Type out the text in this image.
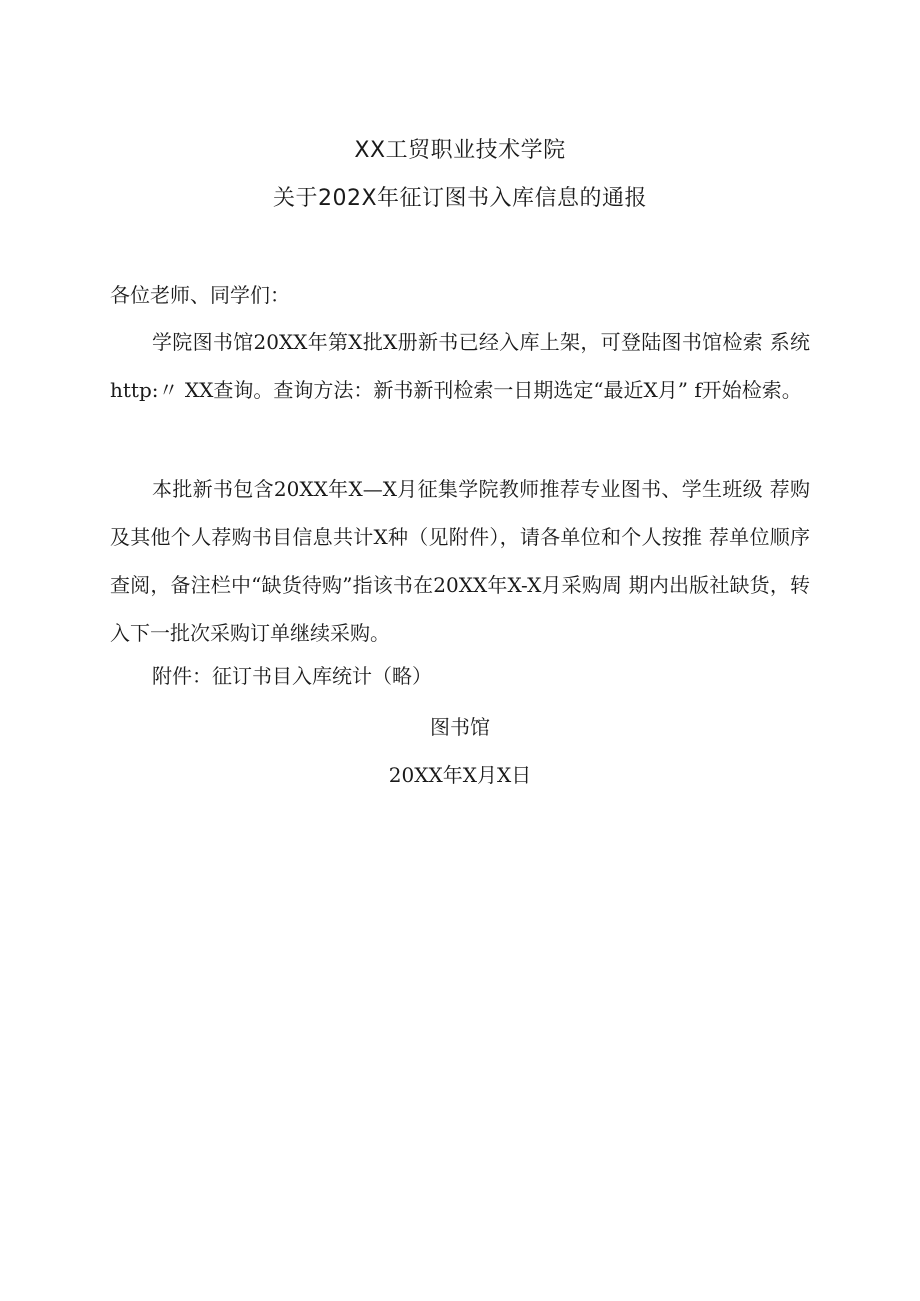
XX工贸职业技术学院
关于202X年征订图书入库信息的通报
各位老师、同学们：
学院图书馆20XX年第X批X册新书已经入库上架，可登陆图书馆检索 系统http:〃 XX查询。查询方法：新书新刊检索一日期选定“最近X月” f开始检索。
本批新书包含20XX年X—X月征集学院教师推荐专业图书、学生班级 荐购及其他个人荐购书目信息共计X种（见附件），请各单位和个人按推 荐单位顺序查阅，备注栏中“缺货待购”指该书在20XX年X-X月采购周 期内出版社缺货，转入下一批次采购订单继续采购。
附件：征订书目入库统计（略）
图书馆
20XX年X月X日
